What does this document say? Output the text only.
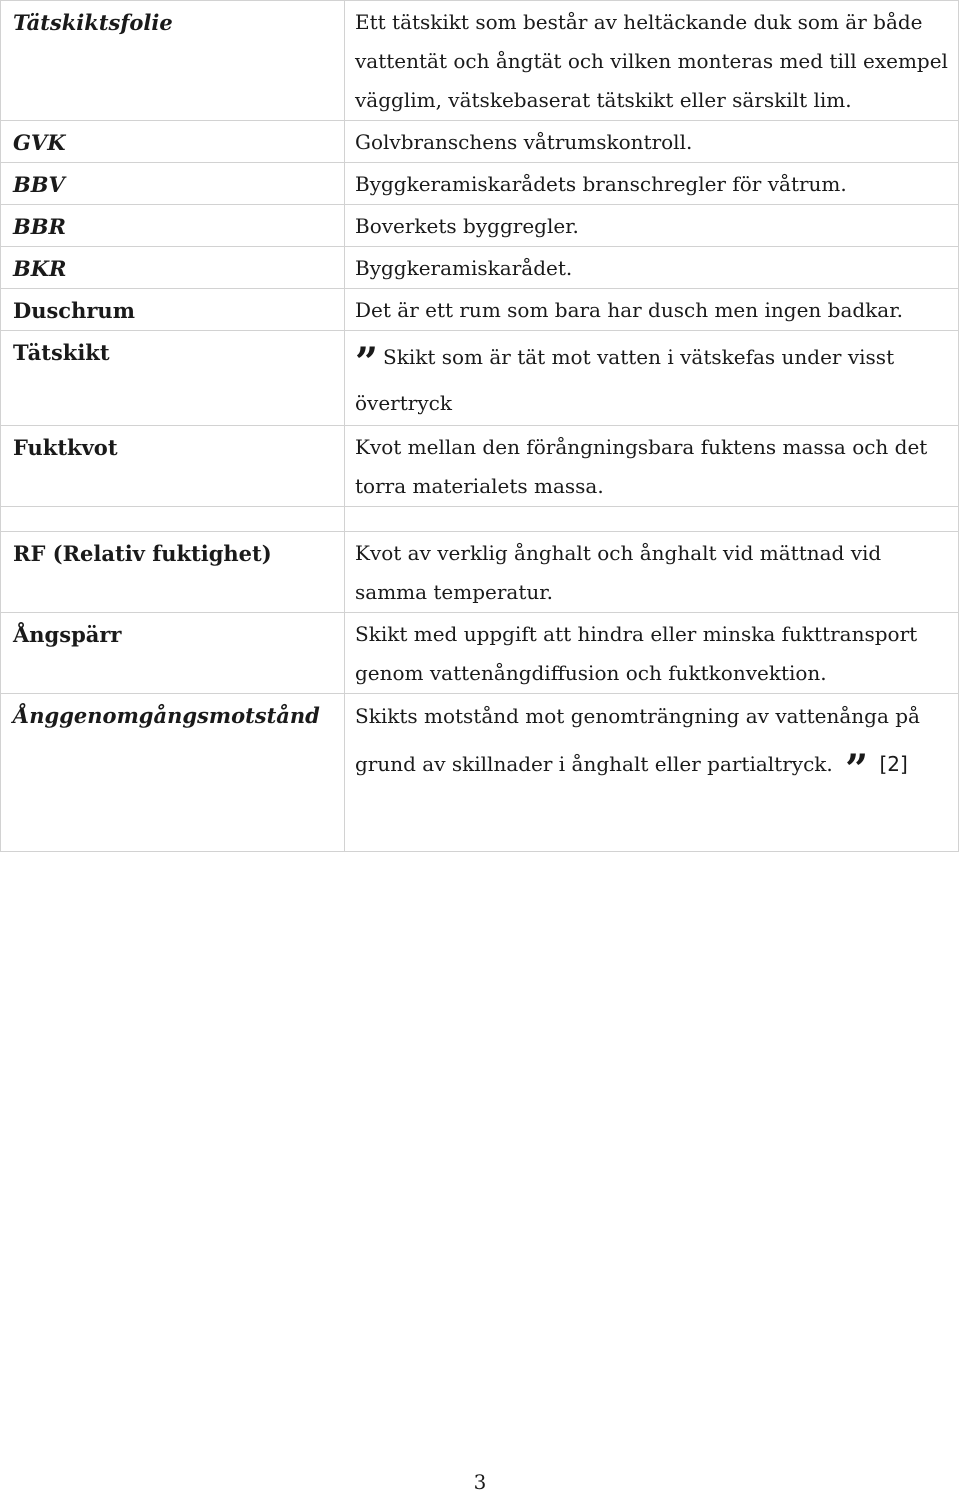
Tätskiktsfolie	Ett tätskikt som består av heltäckande duk som är både vattentät och ångtät och vilken monteras med till exempel vägglim, vätskebaserat tätskikt eller särskilt lim.
GVK	Golvbranschens våtrumskontroll.
BBV	Byggkeramiskarådets branschregler för våtrum.
BBR	Boverkets byggregler.
BKR	Byggkeramiskarådet.
Duschrum	Det är ett rum som bara har dusch men ingen badkar.
Tätskikt	” Skikt som är tät mot vatten i vätskefas under visst
övertryck

Fuktkvot	Kvot mellan den förångningsbara fuktens massa och det torra materialets massa.

RF (Relativ fuktighet)	Kvot av verklig ånghalt och ånghalt vid mättnad vid samma temperatur.
Ångspärr	Skikt med uppgift att hindra eller minska fukttransport genom vattenångdiffusion och fuktkonvektion.
Ånggenomgångsmotstånd	Skikts motstånd mot genomträngning av vattenånga på
grund av skillnader i ånghalt eller partialtryck. ” [2]
3
